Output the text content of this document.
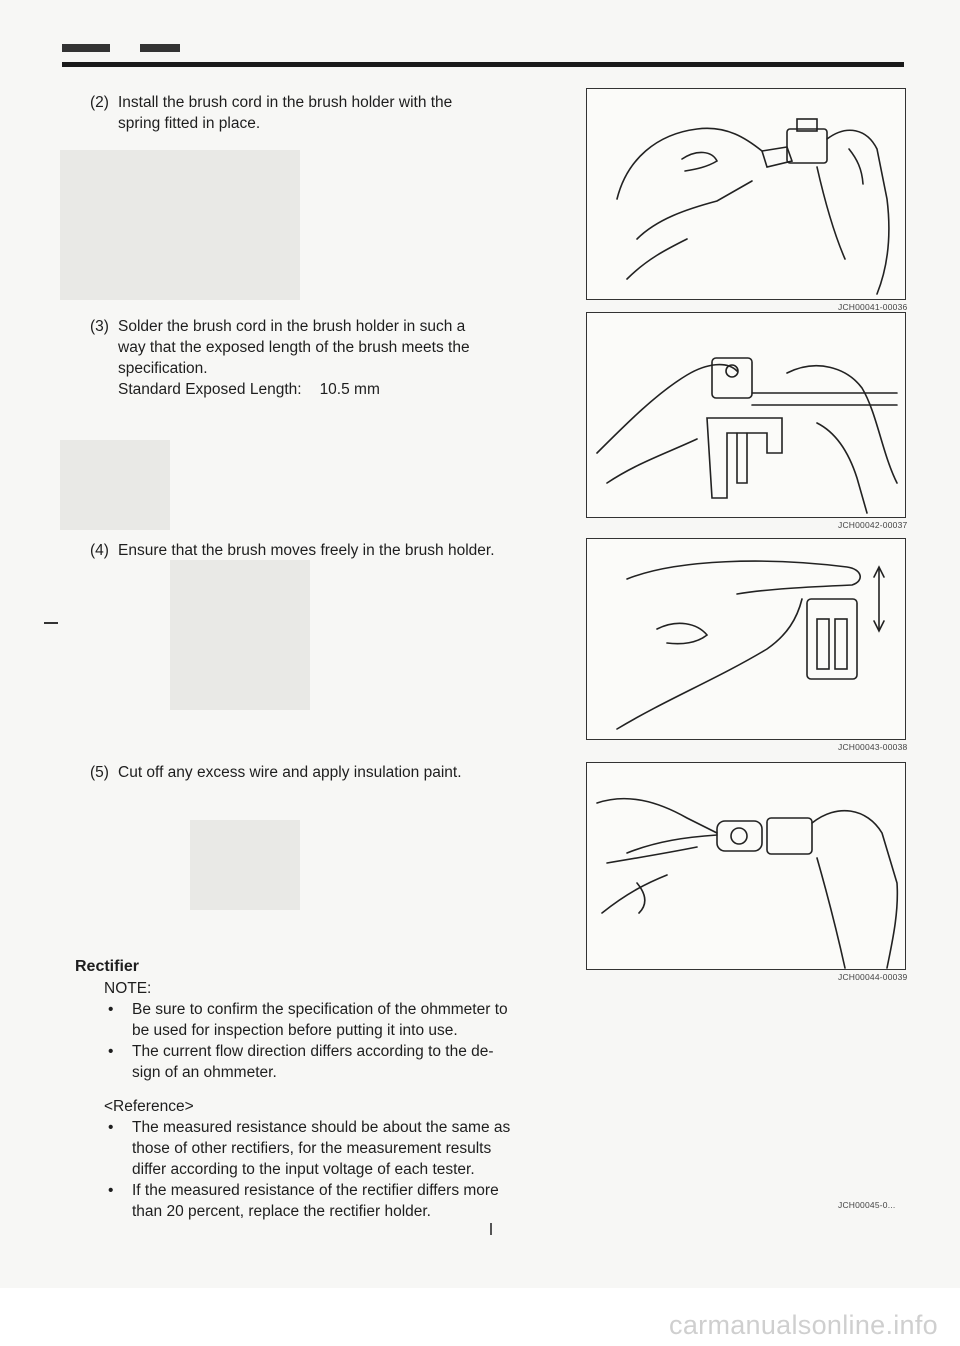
(2) Install the brush cord in the brush holder with the
spring fitted in place.
(3) Solder the brush cord in the brush holder in such a
way that the exposed length of the brush meets the
specification.
Standard Exposed Length: 10.5 mm
(4) Ensure that the brush moves freely in the brush holder.
(5) Cut off any excess wire and apply insulation paint.
Rectifier
NOTE:
•	Be sure to confirm the specification of the ohmmeter to
be used for inspection before putting it into use.
•	The current flow direction differs according to the de-
sign of an ohmmeter.
<Reference>
•	The measured resistance should be about the same as
those of other rectifiers, for the measurement results
differ according to the input voltage of each tester.
•	If the measured resistance of the rectifier differs more
than 20 percent, replace the rectifier holder.
JCH00041-00036
JCH00042-00037
JCH00043-00038
JCH00044-00039
JCH00045-0...
carmanualsonline.info
